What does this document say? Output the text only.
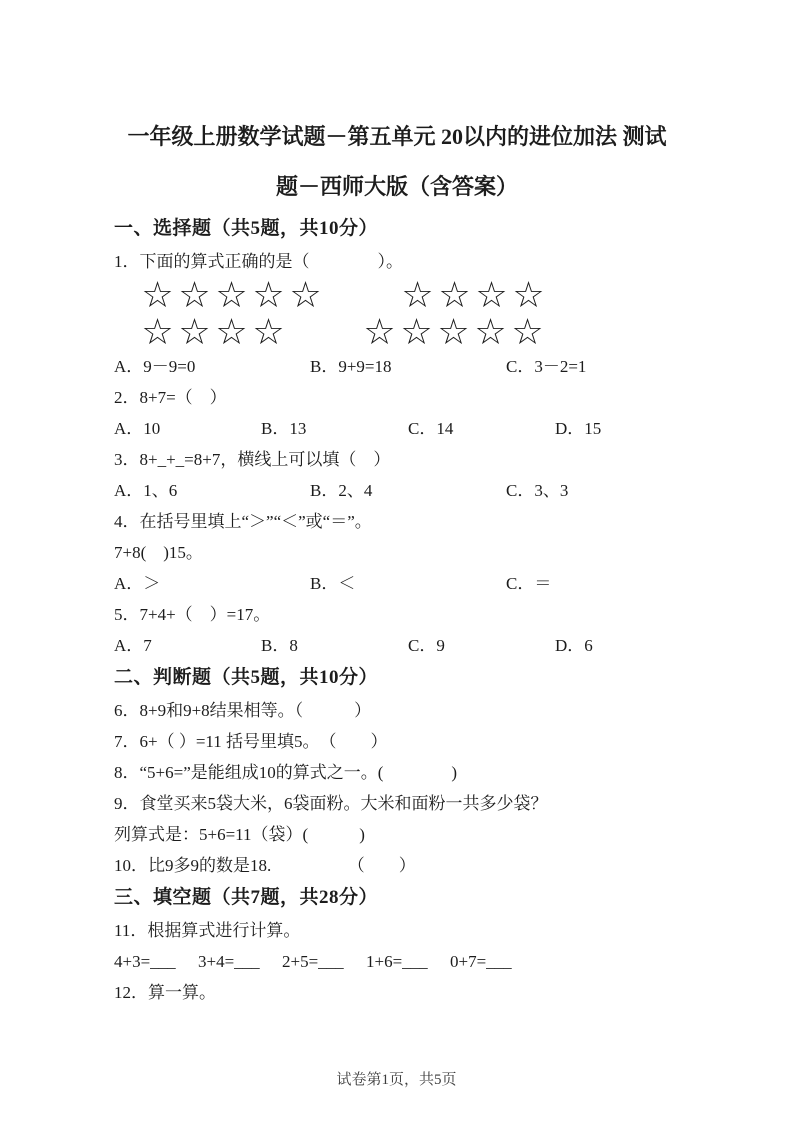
一年级上册数学试题－第五单元 20以内的进位加法 测试
题－西师大版（含答案）
一、选择题（共5题，共10分）
1．下面的算式正确的是（　　　　）。
☆ ☆ ☆ ☆ ☆
☆ ☆ ☆ ☆
☆ ☆ ☆ ☆
☆ ☆ ☆ ☆ ☆
A．9－9=0	B．9+9=18	C．3－2=1
2．8+7=（　）
A．10	B．13	C．14	D．15
3．8+_+_=8+7，横线上可以填（　）
A．1、6	B．2、4	C．3、3
4．在括号里填上“＞”“＜”或“＝”。
7+8(　)15。
A．＞	B．＜	C．＝
5．7+4+（　）=17。
A．7	B．8	C．9	D．6
二、判断题（共5题，共10分）
6．8+9和9+8结果相等。（　　　）
7．6+（ ）=11 括号里填5。　（　　）
8．“5+6=”是能组成10的算式之一。(　　　　)
9．食堂买来5袋大米，6袋面粉。大米和面粉一共多少袋？
列算式是：5+6=11（袋）(　　　)
10．比9多9的数是18.　　　　　（　　）
三、填空题（共7题，共28分）
11．根据算式进行计算。
4+3=___ 3+4=___ 2+5=___ 1+6=___ 0+7=___
12．算一算。
试卷第1页，共5页
